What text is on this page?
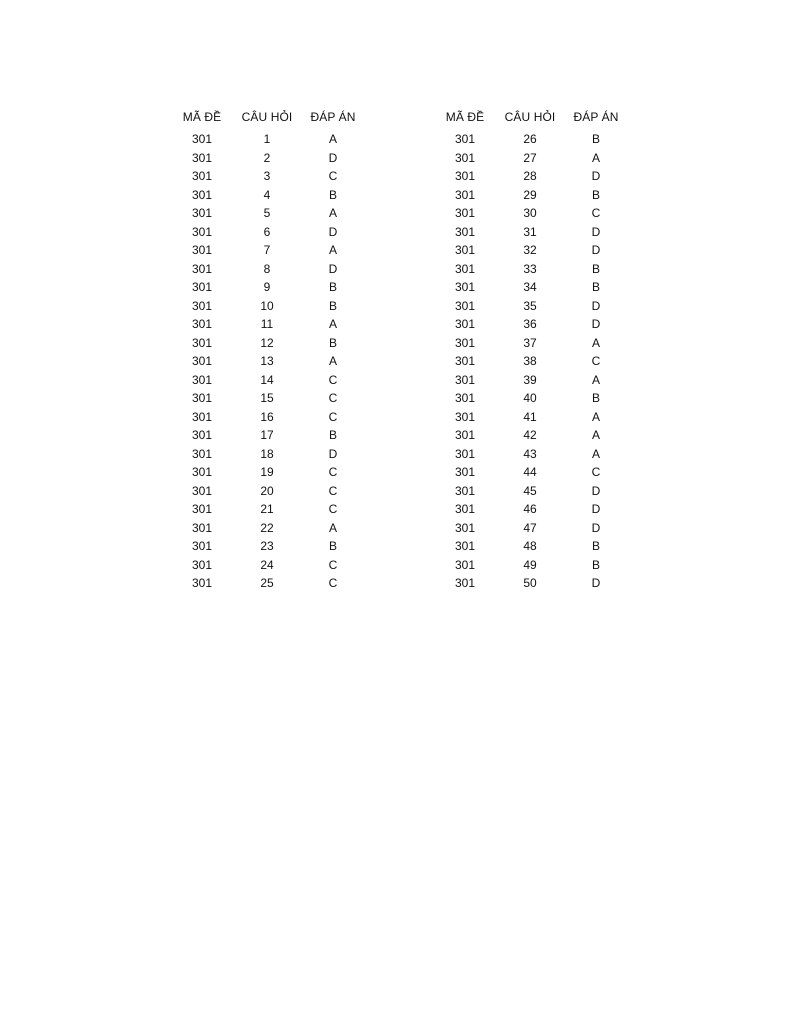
MÃ ĐỀ	CÂU HỎI	ĐÁP ÁN
301	1	A
301	2	D
301	3	C
301	4	B
301	5	A
301	6	D
301	7	A
301	8	D
301	9	B
301	10	B
301	11	A
301	12	B
301	13	A
301	14	C
301	15	C
301	16	C
301	17	B
301	18	D
301	19	C
301	20	C
301	21	C
301	22	A
301	23	B
301	24	C
301	25	C
MÃ ĐỀ	CÂU HỎI	ĐÁP ÁN
301	26	B
301	27	A
301	28	D
301	29	B
301	30	C
301	31	D
301	32	D
301	33	B
301	34	B
301	35	D
301	36	D
301	37	A
301	38	C
301	39	A
301	40	B
301	41	A
301	42	A
301	43	A
301	44	C
301	45	D
301	46	D
301	47	D
301	48	B
301	49	B
301	50	D
